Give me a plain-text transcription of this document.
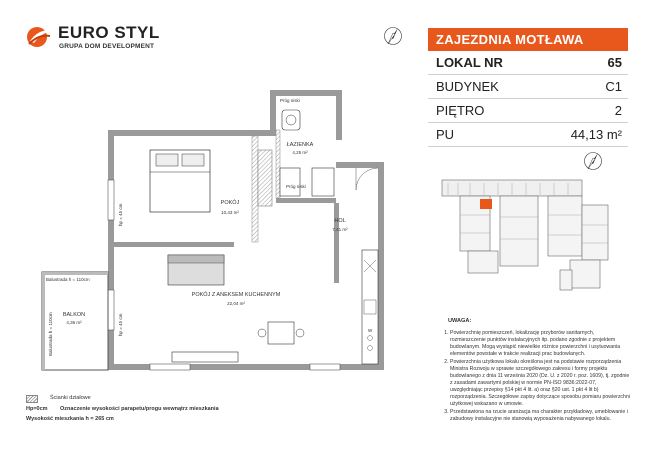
EURO STYL
GRUPA DOM DEVELOPMENT	ZAJEZDNIA MOTŁAWA
LOKAL NR	65
BUDYNEK	C1
PIĘTRO	2
PU	44,13 m²
ŁAZIENKA
4,25 m²
POKÓJ
10,43 m²
HOL
7,41 m²
POKÓJ Z ANEKSEM KUCHENNYM
22,04 m²
BALKON
4,36 m²
Próg niski
Próg niski
Balustrada h = 110cm
Balustrada h = 110cm
hp = 45 cm
hp = 45 cm	W
UWAGA:
1. Powierzchnię pomieszczeń, lokalizację przyborów sanitarnych, rozmieszczenie punktów instalacyjnych itp. podano zgodnie z projektem budowlanym. Mogą wystąpić niewielkie różnice powierzchni i usytuowania elementów powstałe w trakcie realizacji prac budowlanych.
2. Powierzchnia użytkowa lokalu określona jest na podstawie rozporządzenia Ministra Rozwoju w sprawie szczegółowego zakresu i formy projektu budowlanego z dnia 11 września 2020 (Dz. U. z 2020 r. poz. 1609), tj. zgodnie z zasadami zawartymi polskiej w normie PN-ISO 9836:2022-07, uwzględniając przepisy §14 pkt 4 lit. a) oraz §20 ust. 1 pkt 4 lit b) rozporządzenia. Szczegółowe zapisy dotyczące sposobu pomiaru powierzchni użytkowej wskazano w umowie.
3. Przedstawiona na rzucie aranżacja ma charakter przykładowy, umeblowanie i zabudowy instalacyjne nie stanowią wyposażenia nabywanego lokalu.
Ścianki działowe
Hp=0cm Oznaczenie wysokości parapetu/progu wewnątrz mieszkania
Wysokość mieszkania h = 265 cm
